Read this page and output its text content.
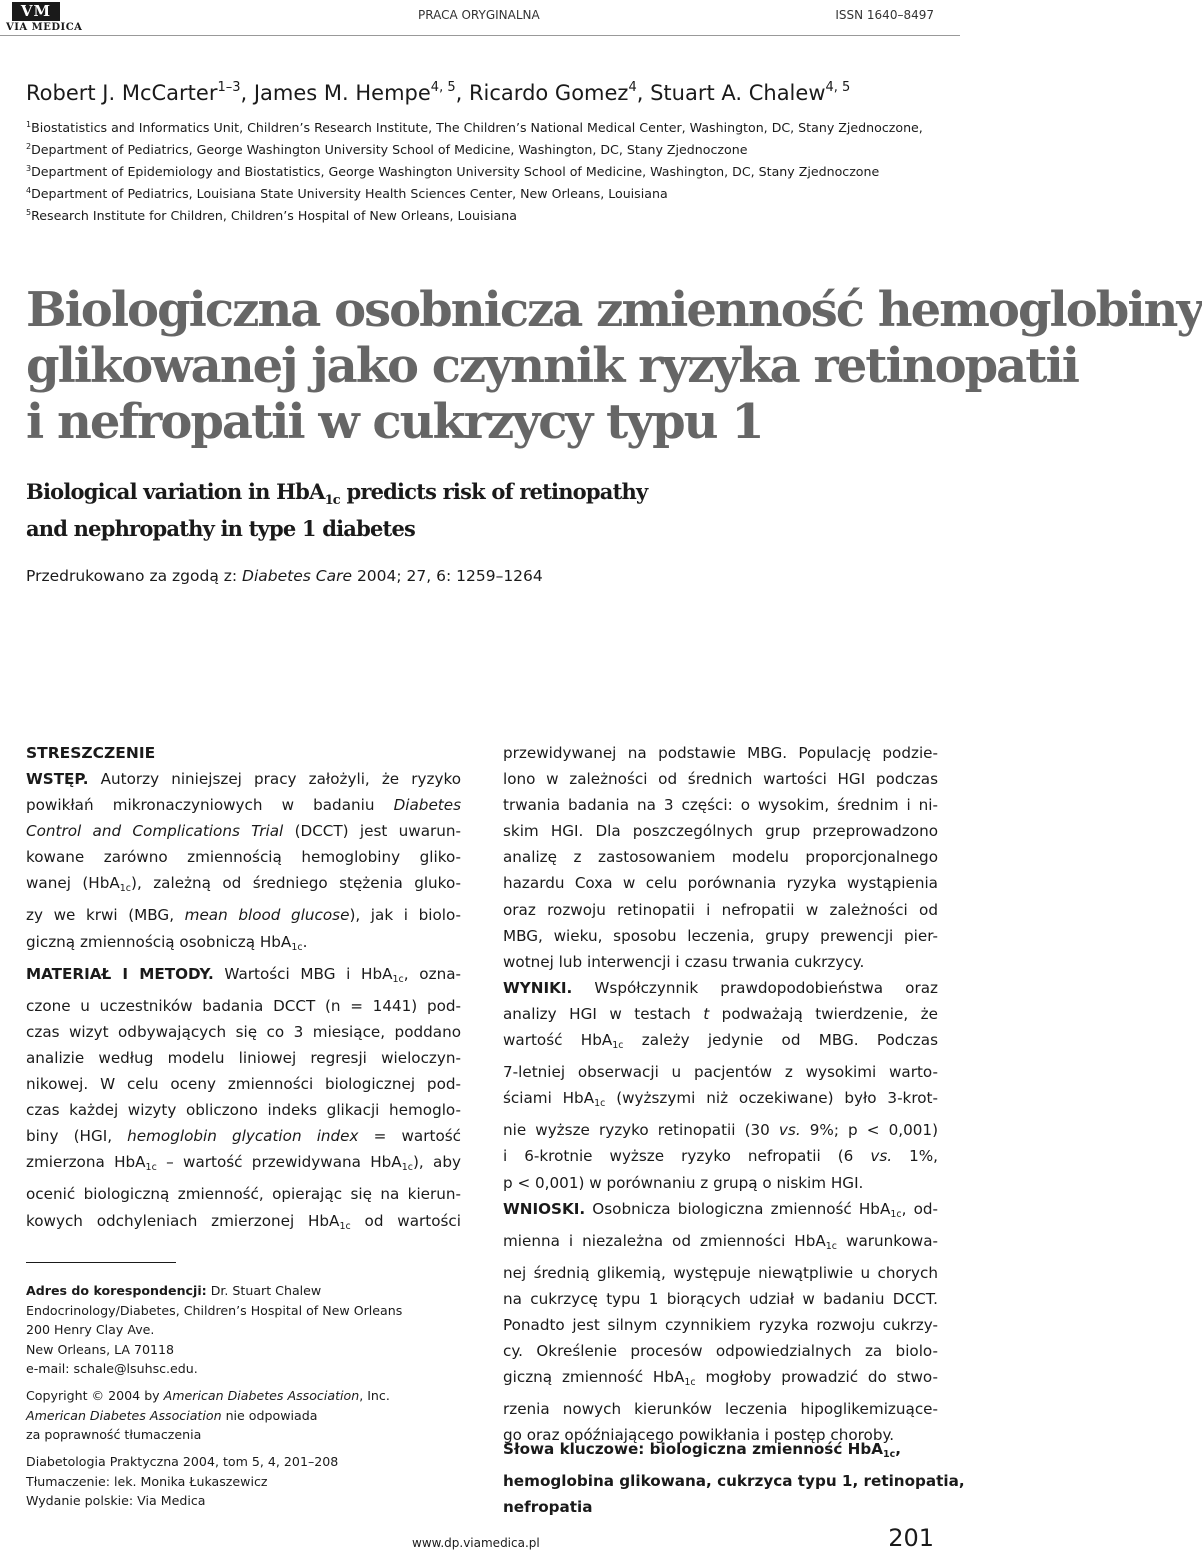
VM
VIA MEDICA
PRACA ORYGINALNA	ISSN 1640–8497
Robert J. McCarter$^{1-3}$, James M. Hempe$^{4, 5}$, Ricardo Gomez$^4$, Stuart A. Chalew$^{4, 5}$
$^1$Biostatistics and Informatics Unit, Children’s Research Institute, The Children’s National Medical Center, Washington, DC, Stany Zjednoczone,
$^2$Department of Pediatrics, George Washington University School of Medicine, Washington, DC, Stany Zjednoczone
$^3$Department of Epidemiology and Biostatistics, George Washington University School of Medicine, Washington, DC, Stany Zjednoczone
$^4$Department of Pediatrics, Louisiana State University Health Sciences Center, New Orleans, Louisiana
$^5$Research Institute for Children, Children’s Hospital of New Orleans, Louisiana
Biologiczna osobnicza zmienność hemoglobiny
glikowanej jako czynnik ryzyka retinopatii
i nefropatii w cukrzycy typu 1
Biological variation in HbA$_{1c}$ predicts risk of retinopathy
and nephropathy in type 1 diabetes
Przedrukowano za zgodą z: Diabetes Care 2004; 27, 6: 1259–1264
STRESZCZENIE
WSTĘP. Autorzy niniejszej pracy założyli, że ryzyko
powikłań mikronaczyniowych w badaniu Diabetes
Control and Complications Trial (DCCT) jest uwarun-
kowane zarówno zmiennością hemoglobiny gliko-
wanej (HbA$_{1c}$), zależną od średniego stężenia gluko-
zy we krwi (MBG, mean blood glucose), jak i biolo-
giczną zmiennością osobniczą HbA$_{1c}$.
MATERIAŁ I METODY. Wartości MBG i HbA$_{1c}$, ozna-
czone u uczestników badania DCCT (n = 1441) pod-
czas wizyt odbywających się co 3 miesiące, poddano
analizie według modelu liniowej regresji wieloczyn-
nikowej. W celu oceny zmienności biologicznej pod-
czas każdej wizyty obliczono indeks glikacji hemoglo-
biny (HGI, hemoglobin glycation index = wartość
zmierzona HbA$_{1c}$ – wartość przewidywana HbA$_{1c}$), aby
ocenić biologiczną zmienność, opierając się na kierun-
kowych odchyleniach zmierzonej HbA$_{1c}$ od wartości
przewidywanej na podstawie MBG. Populację podzie-
lono w zależności od średnich wartości HGI podczas
trwania badania na 3 części: o wysokim, średnim i ni-
skim HGI. Dla poszczególnych grup przeprowadzono
analizę z zastosowaniem modelu proporcjonalnego
hazardu Coxa w celu porównania ryzyka wystąpienia
oraz rozwoju retinopatii i nefropatii w zależności od
MBG, wieku, sposobu leczenia, grupy prewencji pier-
wotnej lub interwencji i czasu trwania cukrzycy.
WYNIKI. Współczynnik prawdopodobieństwa oraz
analizy HGI w testach t podważają twierdzenie, że
wartość HbA$_{1c}$ zależy jedynie od MBG. Podczas
7-letniej obserwacji u pacjentów z wysokimi warto-
ściami HbA$_{1c}$ (wyższymi niż oczekiwane) było 3-krot-
nie wyższe ryzyko retinopatii (30 vs. 9%; p < 0,001)
i 6-krotnie wyższe ryzyko nefropatii (6 vs. 1%,
p < 0,001) w porównaniu z grupą o niskim HGI.
WNIOSKI. Osobnicza biologiczna zmienność HbA$_{1c}$, od-
mienna i niezależna od zmienności HbA$_{1c}$ warunkowa-
nej średnią glikemią, występuje niewątpliwie u chorych
na cukrzycę typu 1 biorących udział w badaniu DCCT.
Ponadto jest silnym czynnikiem ryzyka rozwoju cukrzy-
cy. Określenie procesów odpowiedzialnych za biolo-
giczną zmienność HbA$_{1c}$ mogłoby prowadzić do stwo-
rzenia nowych kierunków leczenia hipoglikemizuące-
go oraz opóźniającego powikłania i postęp choroby.
Adres do korespondencji: Dr. Stuart Chalew
Endocrinology/Diabetes, Children’s Hospital of New Orleans
200 Henry Clay Ave.
New Orleans, LA 70118
e-mail: schale@lsuhsc.edu.
Copyright © 2004 by American Diabetes Association, Inc.
American Diabetes Association nie odpowiada
za poprawność tłumaczenia
Diabetologia Praktyczna 2004, tom 5, 4, 201–208
Tłumaczenie: lek. Monika Łukaszewicz
Wydanie polskie: Via Medica
Słowa kluczowe: biologiczna zmienność HbA$_{1c}$,
hemoglobina glikowana, cukrzyca typu 1, retinopatia,
nefropatia
www.dp.viamedica.pl	201
